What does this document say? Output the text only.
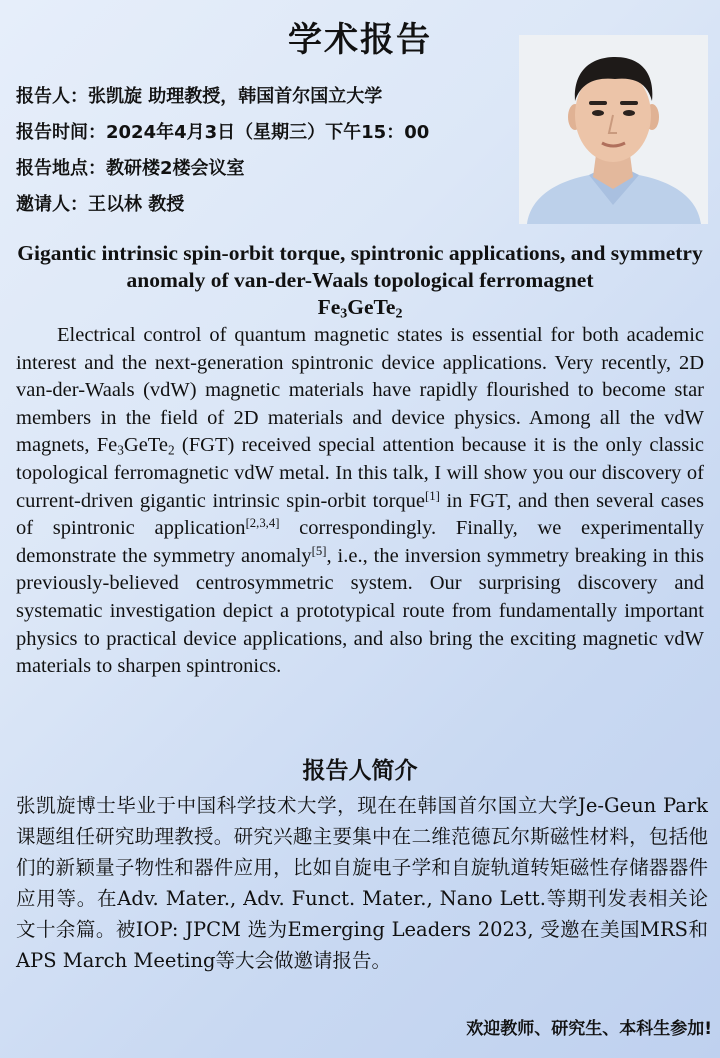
学术报告
报告人：张凯旋 助理教授，韩国首尔国立大学
报告时间：2024年4月3日（星期三）下午15：00
报告地点：教研楼2楼会议室
邀请人：王以林 教授
Gigantic intrinsic spin-orbit torque, spintronic applications, and symmetry anomaly of van-der-Waals topological ferromagnet
$Fe_3GeTe_2$

Electrical control of quantum magnetic states is essential for both academic interest and the next-generation spintronic device applications. Very recently, 2D van-der-Waals (vdW) magnetic materials have rapidly flourished to become star members in the field of 2D materials and device physics. Among all the vdW magnets, $Fe_3GeTe_2$ (FGT) received special attention because it is the only classic topological ferromagnetic vdW metal. In this talk, I will show you our discovery of current-driven gigantic intrinsic spin-orbit torque[1] in FGT, and then several cases of spintronic application[2,3,4] correspondingly. Finally, we experimentally demonstrate the symmetry anomaly[5], i.e., the inversion symmetry breaking in this previously-believed centrosymmetric system. Our surprising discovery and systematic investigation depict a prototypical route from fundamentally important physics to practical device applications, and also bring the exciting magnetic vdW materials to sharpen spintronics.

报告人简介

张凯旋博士毕业于中国科学技术大学，现在在韩国首尔国立大学Je-Geun Park课题组任研究助理教授。研究兴趣主要集中在二维范德瓦尔斯磁性材料，包括他们的新颖量子物性和器件应用，比如自旋电子学和自旋轨道转矩磁性存储器器件应用等。在Adv. Mater., Adv. Funct. Mater., Nano Lett.等期刊发表相关论文十余篇。被IOP: JPCM 选为Emerging Leaders 2023, 受邀在美国MRS和APS March Meeting等大会做邀请报告。

欢迎教师、研究生、本科生参加!
